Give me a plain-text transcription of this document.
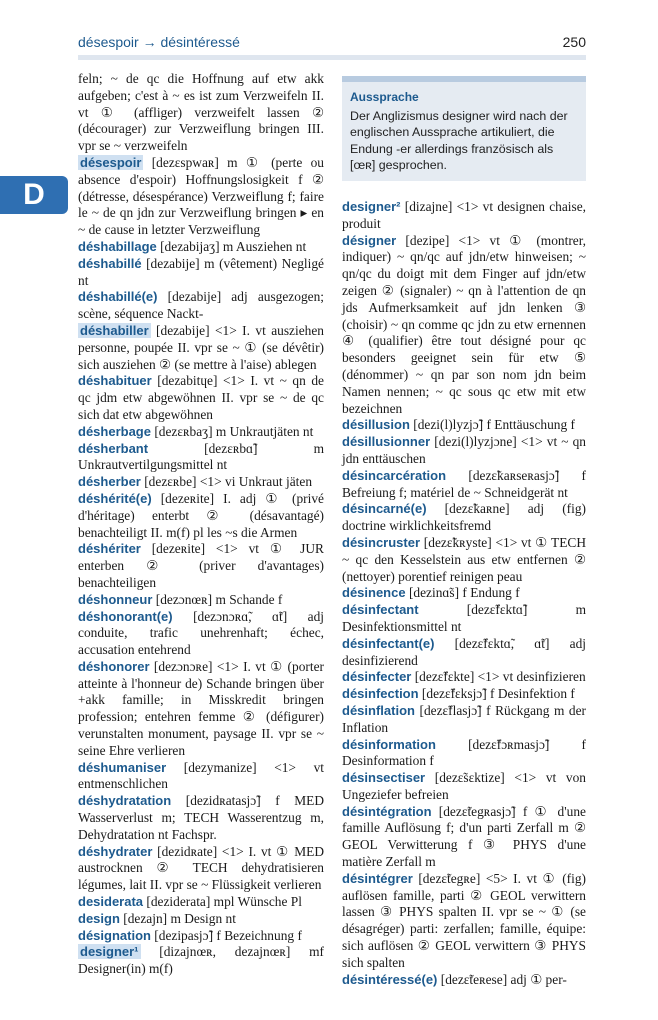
désespoir → désintéressé	250
D
Aussprache
Der Anglizismus designer wird nach der englischen Aussprache artikuliert, die Endung -er allerdings französisch als [œʀ] gesprochen.

feln; ~ de qc die Hoffnung auf etw akk aufgeben; c'est à ~ es ist zum Verzweifeln II. vt ① (affliger) verzweifelt lassen ② (décourager) zur Verzweiflung bringen III. vpr se ~ verzweifeln

désespoir [dezɛspwaʀ] m ① (perte ou absence d'espoir) Hoffnungslosigkeit f ② (détresse, désespérance) Verzweiflung f; faire le ~ de qn jdn zur Verzweiflung bringen ▸ en ~ de cause in letzter Verzweiflung

déshabillage [dezabijaʒ] m Ausziehen nt

déshabillé [dezabije] m (vêtement) Negligé nt

déshabillé(e) [dezabije] adj ausgezogen; scène, séquence Nackt-

déshabiller [dezabije] <1> I. vt ausziehen personne, poupée II. vpr se ~ ① (se dévêtir) sich ausziehen ② (se mettre à l'aise) ablegen

déshabituer [dezabitɥe] <1> I. vt ~ qn de qc jdm etw abgewöhnen II. vpr se ~ de qc sich dat etw abgewöhnen

désherbage [dezɛʀbaʒ] m Unkrautjäten nt

désherbant [dezɛʀbɑ̃] m Unkrautvertilgungsmittel nt

désherber [dezɛʀbe] <1> vi Unkraut jäten

déshérité(e) [dezeʀite] I. adj ① (privé d'héritage) enterbt ② (désavantagé) benachteiligt II. m(f) pl les ~s die Armen

déshériter [dezeʀite] <1> vt ① JUR enterben ② (priver d'avantages) benachteiligen

déshonneur [dezɔnœʀ] m Schande f

déshonorant(e) [dezɔnɔʀɑ̃, ɑ̃t] adj conduite, trafic unehrenhaft; échec, accusation entehrend

déshonorer [dezɔnɔʀe] <1> I. vt ① (porter atteinte à l'honneur de) Schande bringen über +akk famille; in Misskredit bringen profession; entehren femme ② (défigurer) verunstalten monument, paysage II. vpr se ~ seine Ehre verlieren

déshumaniser [dezymanize] <1> vt entmenschlichen

déshydratation [dezidʀatasjɔ̃] f MED Wasserverlust m; TECH Wasserentzug m, Dehydratation nt Fachspr.

déshydrater [dezidʀate] <1> I. vt ① MED austrocknen ② TECH dehydratisieren légumes, lait II. vpr se ~ Flüssigkeit verlieren

desiderata [deziderata] mpl Wünsche Pl

design [dezajn] m Design nt

désignation [dezipasjɔ̃] f Bezeichnung f

designer¹ [dizajnœʀ, dezajnœʀ] mf Designer(in) m(f)

designer² [dizajne] <1> vt designen chaise, produit

désigner [dezipe] <1> vt ① (montrer, indiquer) ~ qn/qc auf jdn/etw hinweisen; ~ qn/qc du doigt mit dem Finger auf jdn/etw zeigen ② (signaler) ~ qn à l'attention de qn jds Aufmerksamkeit auf jdn lenken ③ (choisir) ~ qn comme qc jdn zu etw ernennen ④ (qualifier) être tout désigné pour qc besonders geeignet sein für etw ⑤ (dénommer) ~ qn par son nom jdn beim Namen nennen; ~ qc sous qc etw mit etw bezeichnen

désillusion [dezi(l)lyzjɔ̃] f Enttäuschung f

désillusionner [dezi(l)lyzjɔne] <1> vt ~ qn jdn enttäuschen

désincarcération [dezɛ̃kaʀseʀasjɔ̃] f Befreiung f; matériel de ~ Schneidgerät nt

désincarné(e) [dezɛ̃kaʀne] adj (fig) doctrine wirklichkeitsfremd

désincruster [dezɛ̃kʀyste] <1> vt ① TECH ~ qc den Kesselstein aus etw entfernen ② (nettoyer) porentief reinigen peau

désinence [dezinɑ̃s] f Endung f

désinfectant [dezɛ̃fɛktɑ̃] m Desinfektionsmittel nt

désinfectant(e) [dezɛ̃fɛktɑ̃, ɑ̃t] adj desinfizierend

désinfecter [dezɛ̃fɛkte] <1> vt desinfizieren

désinfection [dezɛ̃fɛksjɔ̃] f Desinfektion f

désinflation [dezɛ̃flasjɔ̃] f Rückgang m der Inflation

désinformation [dezɛ̃fɔʀmasjɔ̃] f Desinformation f

désinsectiser [dezɛ̃sɛktize] <1> vt von Ungeziefer befreien

désintégration [dezɛ̃tegʀasjɔ̃] f ① d'une famille Auflösung f; d'un parti Zerfall m ② GEOL Verwitterung f ③ PHYS d'une matière Zerfall m

désintégrer [dezɛ̃tegʀe] <5> I. vt ① (fig) auflösen famille, parti ② GEOL verwittern lassen ③ PHYS spalten II. vpr se ~ ① (se désagréger) parti: zerfallen; famille, équipe: sich auflösen ② GEOL verwittern ③ PHYS sich spalten

désintéressé(e) [dezɛ̃teʀese] adj ① per-
